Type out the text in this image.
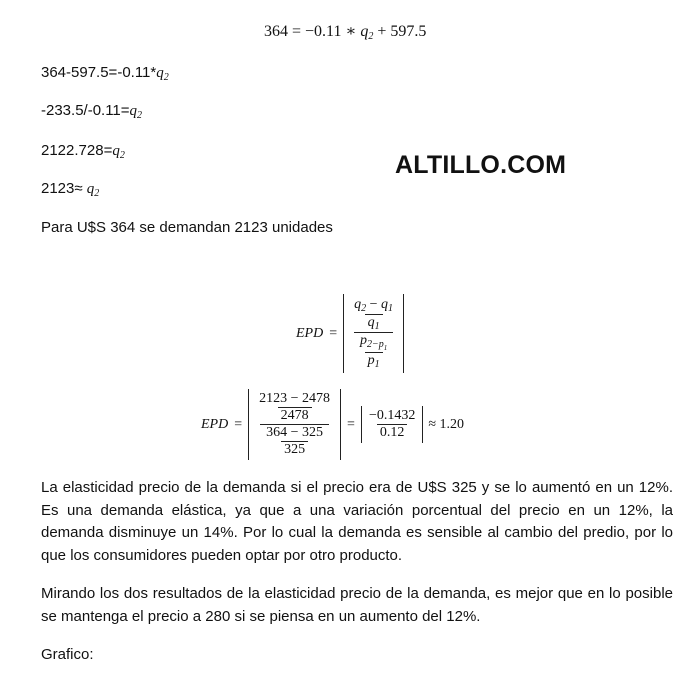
364 = −0.11 ∗ $q_2 + 597.5$
$364-597.5=-0.11*q_2$
$-233.5/-0.11=q_2$
$2122.728=q_2$
$2123\approx q_2$
ALTILLO.COM
Para U$S 364 se demandan 2123 unidades
EPD = $\frac{\frac{q_2 - q_1}{q_1}}{\frac{p_{2-p_1}}{p_1}}$
EPD = $\frac{\frac{2123 - 2478}{2478}}{\frac{364 - 325}{325}} = \frac{-0.1432}{0.12} \approx 1.20$
La elasticidad precio de la demanda si el precio era de U$S 325 y se lo aumentó en un 12%. Es una demanda elástica, ya que a una variación porcentual del precio en un 12%, la demanda disminuye un 14%. Por lo cual la demanda es sensible al cambio del predio, por lo que los consumidores pueden optar por otro producto.
Mirando los dos resultados de la elasticidad precio de la demanda, es mejor que en lo posible se mantenga el precio a 280 si se piensa en un aumento del 12%.
Grafico:
